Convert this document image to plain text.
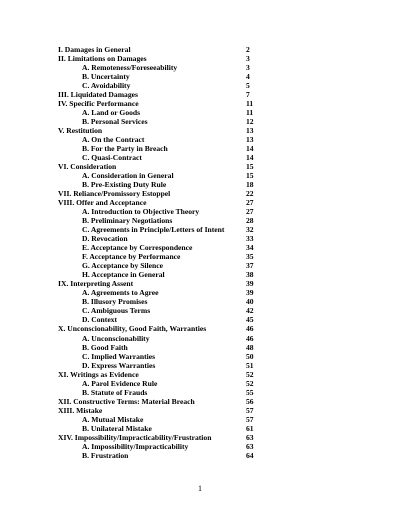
I. Damages in General	2
II. Limitations on Damages	3
A. Remoteness/Foreseeability	3
B. Uncertainty	4
C. Avoidability	5
III. Liquidated Damages	7
IV. Specific Performance	11
A. Land or Goods	11
B. Personal Services	12
V. Restitution	13
A. On the Contract	13
B. For the Party in Breach	14
C. Quasi-Contract	14
VI. Consideration	15
A. Consideration in General	15
B. Pre-Existing Duty Rule	18
VII. Reliance/Promissory Estoppel	22
VIII. Offer and Acceptance	27
A. Introduction to Objective Theory	27
B. Preliminary Negotiations	28
C. Agreements in Principle/Letters of Intent	32
D. Revocation	33
E. Acceptance by Correspondence	34
F. Acceptance by Performance	35
G. Acceptance by Silence	37
H. Acceptance in General	38
IX. Interpreting Assent	39
A. Agreements to Agree	39
B. Illusory Promises	40
C. Ambiguous Terms	42
D. Context	45
X. Unconscionability, Good Faith, Warranties	46
A. Unconscionability	46
B. Good Faith	48
C. Implied Warranties	50
D. Express Warranties	51
XI. Writings as Evidence	52
A. Parol Evidence Rule	52
B. Statute of Frauds	55
XII. Constructive Terms: Material Breach	56
XIII. Mistake	57
A. Mutual Mistake	57
B. Unilateral Mistake	61
XIV. Impossibility/Impracticability/Frustration	63
A. Impossibility/Impracticability	63
B. Frustration	64
1
